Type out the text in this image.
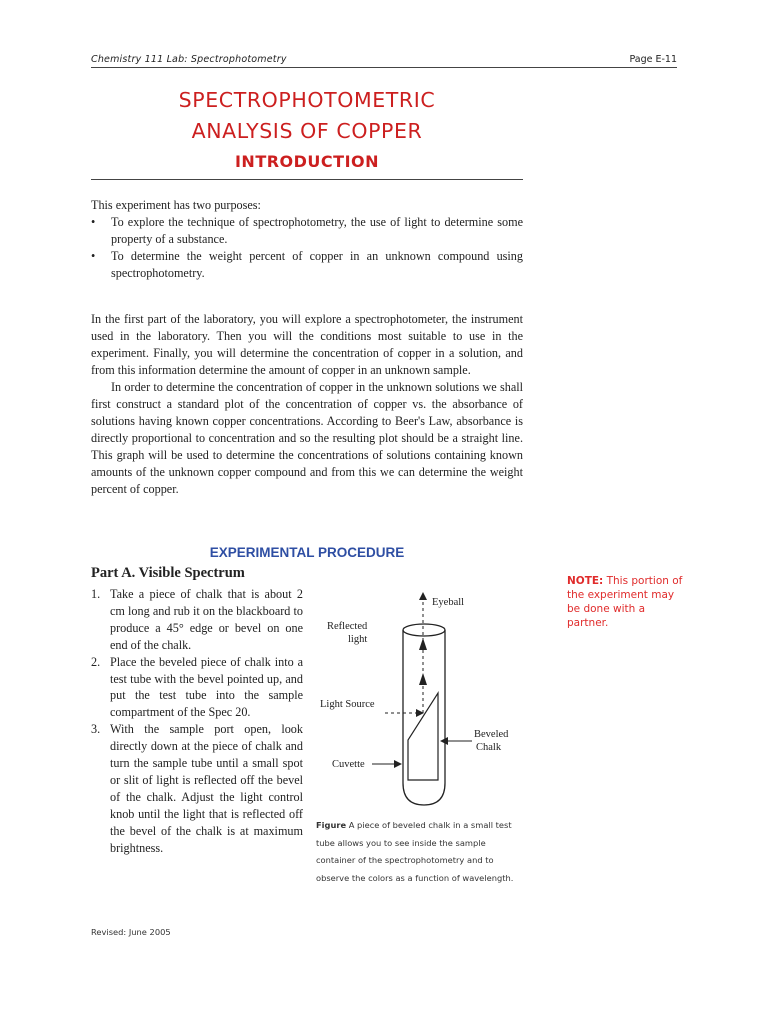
Chemistry 111 Lab: Spectrophotometry	Page E-11
SPECTROPHOTOMETRIC
ANALYSIS OF COPPER
INTRODUCTION

This experiment has two purposes:

• To explore the technique of spectrophotometry, the use of light to determine some property of a substance.

• To determine the weight percent of copper in an unknown compound using spectrophotometry.

In the first part of the laboratory, you will explore a spectrophotometer, the instrument used in the laboratory. Then you will the conditions most suitable to use in the experiment. Finally, you will determine the concentration of copper in a solution, and from this information determine the amount of copper in an unknown sample.

In order to determine the concentration of copper in the unknown solutions we shall first construct a standard plot of the concentration of copper vs. the absorbance of solutions having known copper concentrations. According to Beer's Law, absorbance is directly proportional to concentration and so the resulting plot should be a straight line. This graph will be used to determine the concentrations of solutions containing known amounts of the unknown copper compound and from this we can determine the weight percent of copper.

EXPERIMENTAL PROCEDURE
Part A. Visible Spectrum
1. Take a piece of chalk that is about 2 cm long and rub it on the blackboard to produce a 45° edge or bevel on one end of the chalk.
2. Place the beveled piece of chalk into a test tube with the bevel pointed up, and put the test tube into the sample compartment of the Spec 20.
3. With the sample port open, look directly down at the piece of chalk and turn the sample tube until a small spot or slit of light is reflected off the bevel of the chalk. Adjust the light control knob until the light that is reflected off the bevel of the chalk is at maximum brightness.
NOTE: This portion of the experiment may be done with a partner.
Eyeball
Reflected
light
Light Source
Beveled
Chalk
Cuvette
Figure A piece of beveled chalk in a small test tube allows you to see inside the sample container of the spectrophotometry and to observe the colors as a function of wavelength.
Revised: June 2005
